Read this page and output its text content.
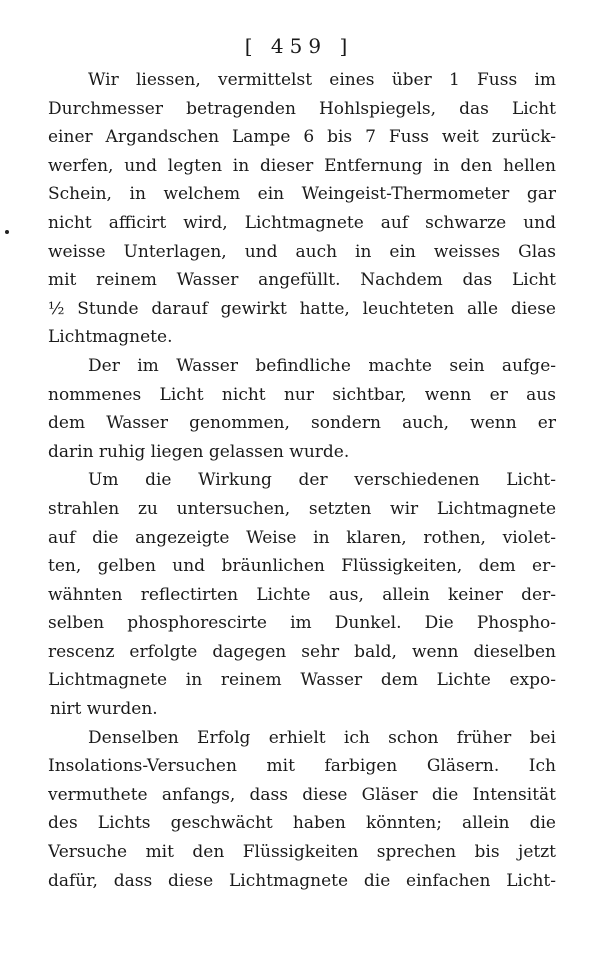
[ 459 ]
Wir liessen, vermittelst eines über 1 Fuss im
Durchmesser betragenden Hohlspiegels, das Licht
einer Argandschen Lampe 6 bis 7 Fuss weit zurück-
werfen, und legten in dieser Entfernung in den hellen
Schein, in welchem ein Weingeist-Thermometer gar
nicht afficirt wird, Lichtmagnete auf schwarze und
weisse Unterlagen, und auch in ein weisses Glas
mit reinem Wasser angefüllt. Nachdem das Licht
½ Stunde darauf gewirkt hatte, leuchteten alle diese
Lichtmagnete.
Der im Wasser befindliche machte sein aufge-
nommenes Licht nicht nur sichtbar, wenn er aus
dem Wasser genommen, sondern auch, wenn er
darin ruhig liegen gelassen wurde.
Um die Wirkung der verschiedenen Licht-
strahlen zu untersuchen, setzten wir Lichtmagnete
auf die angezeigte Weise in klaren, rothen, violet-
ten, gelben und bräunlichen Flüssigkeiten, dem er-
wähnten reflectirten Lichte aus, allein keiner der-
selben phosphorescirte im Dunkel. Die Phospho-
rescenz erfolgte dagegen sehr bald, wenn dieselben
Lichtmagnete in reinem Wasser dem Lichte expo-
nirt wurden.
Denselben Erfolg erhielt ich schon früher bei
Insolations-Versuchen mit farbigen Gläsern. Ich
vermuthete anfangs, dass diese Gläser die Intensität
des Lichts geschwächt haben könnten; allein die
Versuche mit den Flüssigkeiten sprechen bis jetzt
dafür, dass diese Lichtmagnete die einfachen Licht-
